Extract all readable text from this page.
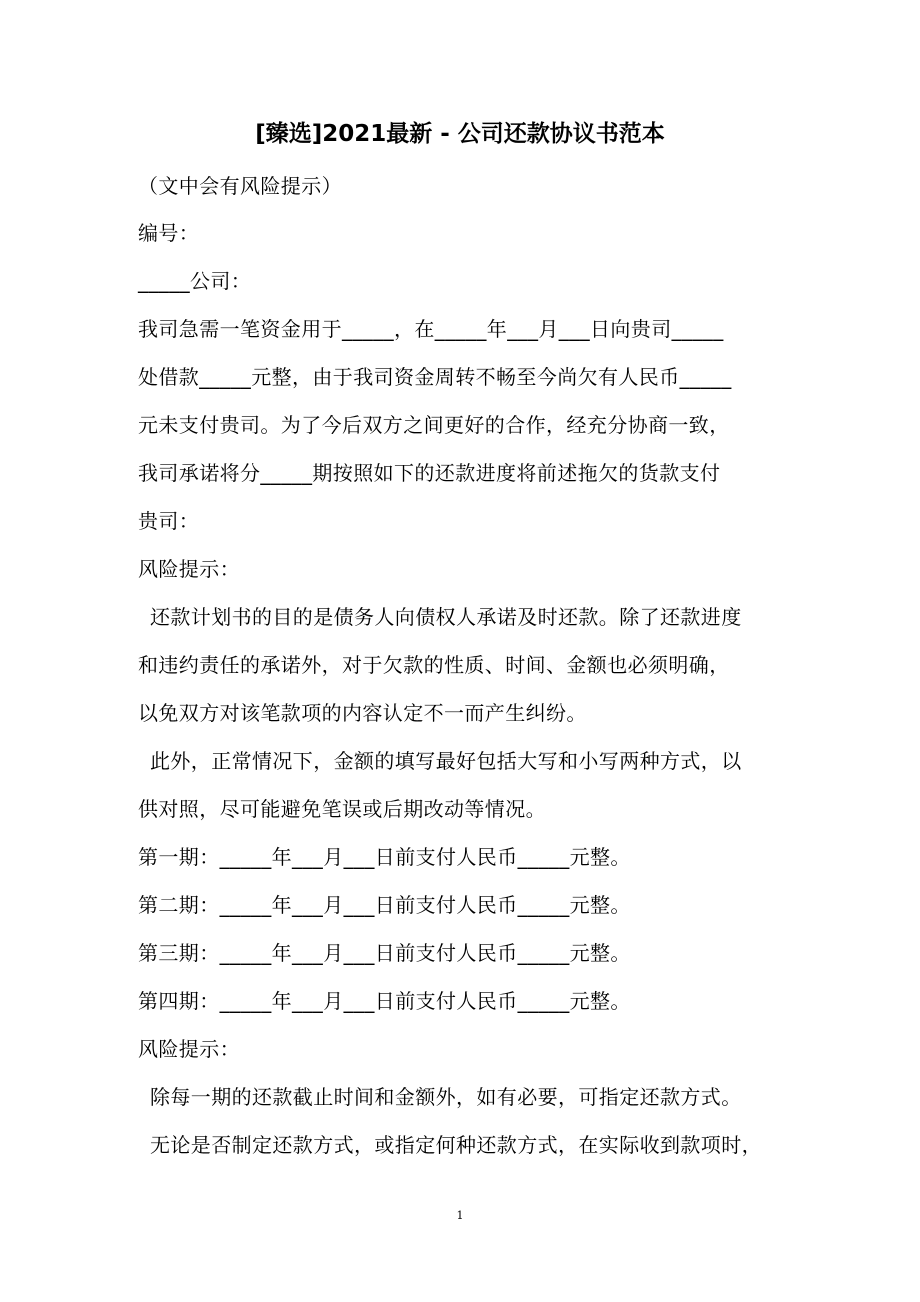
[臻选]2021最新 - 公司还款协议书范本
（文中会有风险提示）
编号：
_____公司：
我司急需一笔资金用于_____，在_____年___月___日向贵司_____
处借款_____元整，由于我司资金周转不畅至今尚欠有人民币_____
元未支付贵司。为了今后双方之间更好的合作，经充分协商一致，
我司承诺将分_____期按照如下的还款进度将前述拖欠的货款支付
贵司：
风险提示：
还款计划书的目的是债务人向债权人承诺及时还款。除了还款进度
和违约责任的承诺外，对于欠款的性质、时间、金额也必须明确，
以免双方对该笔款项的内容认定不一而产生纠纷。
此外，正常情况下，金额的填写最好包括大写和小写两种方式，以
供对照，尽可能避免笔误或后期改动等情况。
第一期：_____年___月___日前支付人民币_____元整。
第二期：_____年___月___日前支付人民币_____元整。
第三期：_____年___月___日前支付人民币_____元整。
第四期：_____年___月___日前支付人民币_____元整。
风险提示：
除每一期的还款截止时间和金额外，如有必要，可指定还款方式。
无论是否制定还款方式，或指定何种还款方式，在实际收到款项时，
1
